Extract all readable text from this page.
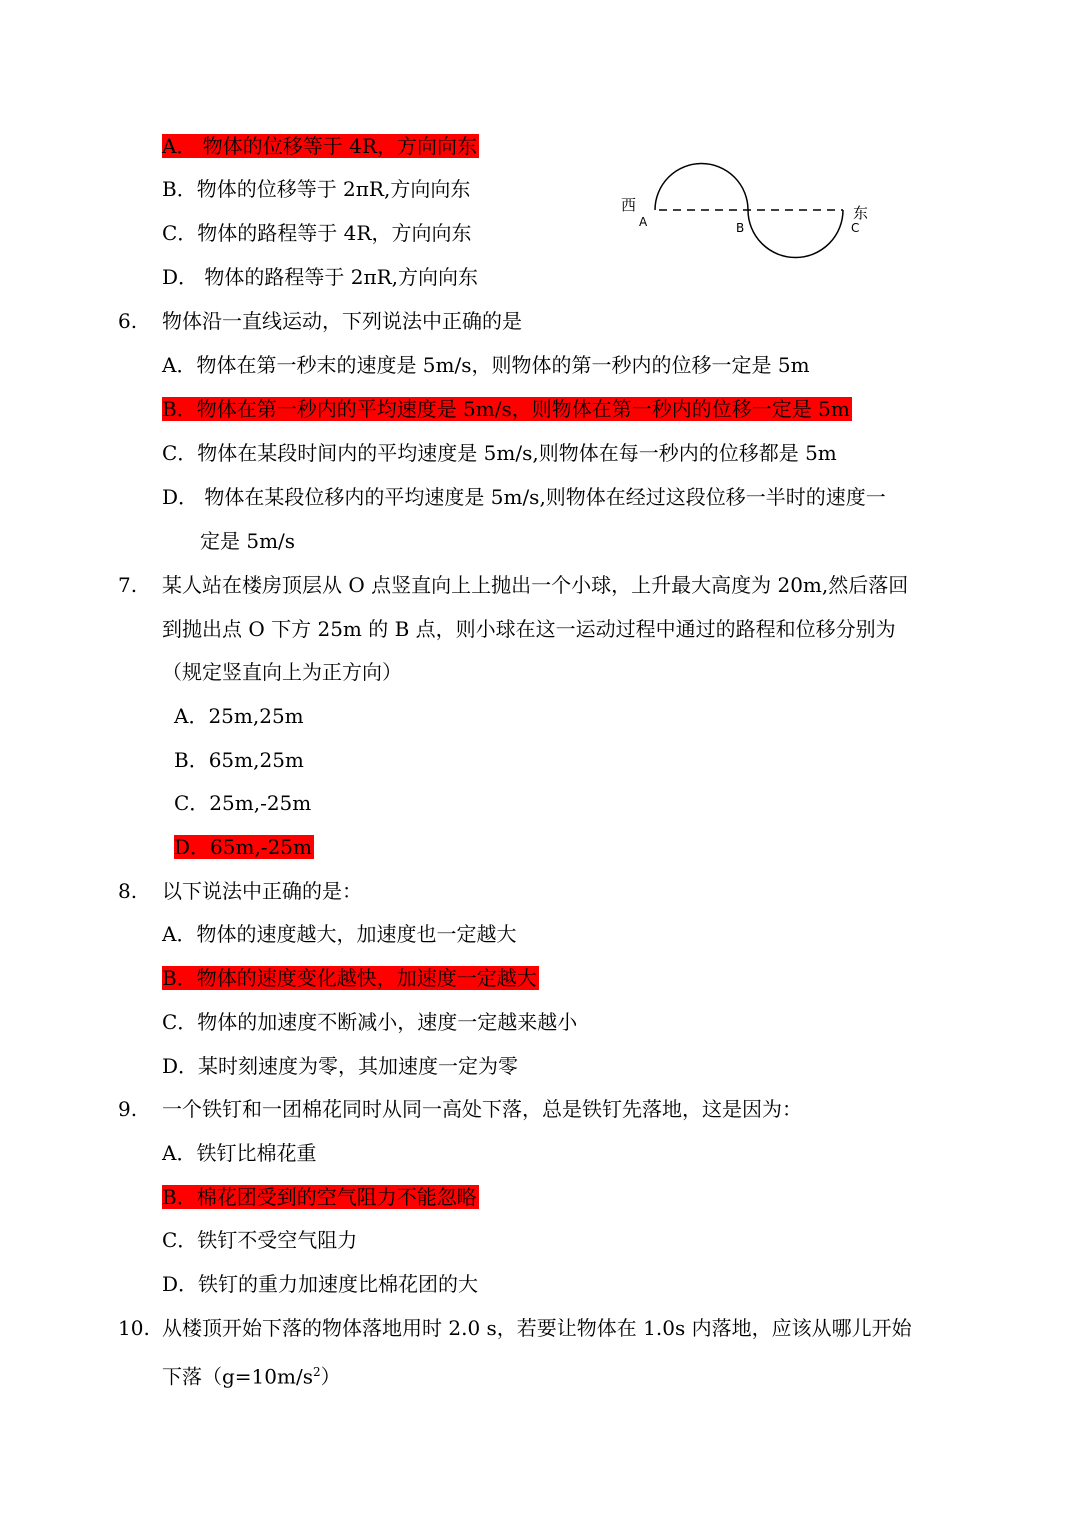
A． 物体的位移等于 4R，方向向东
B．物体的位移等于 2πR,方向向东
C．物体的路程等于 4R，方向向东
D． 物体的路程等于 2πR,方向向东
西
A	B
东
C
6. 物体沿一直线运动，下列说法中正确的是
A．物体在第一秒末的速度是 5m/s，则物体的第一秒内的位移一定是 5m
B．物体在第一秒内的平均速度是 5m/s，则物体在第一秒内的位移一定是 5m
C．物体在某段时间内的平均速度是 5m/s,则物体在每一秒内的位移都是 5m
D． 物体在某段位移内的平均速度是 5m/s,则物体在经过这段位移一半时的速度一
定是 5m/s
7. 某人站在楼房顶层从 O 点竖直向上上抛出一个小球，上升最大高度为 20m,然后落回
到抛出点 O 下方 25m 的 B 点，则小球在这一运动过程中通过的路程和位移分别为
（规定竖直向上为正方向）
A．25m,25m
B．65m,25m
C．25m,-25m
D．65m,-25m
8. 以下说法中正确的是：
A．物体的速度越大，加速度也一定越大
B．物体的速度变化越快，加速度一定越大
C．物体的加速度不断减小，速度一定越来越小
D．某时刻速度为零，其加速度一定为零
9. 一个铁钉和一团棉花同时从同一高处下落，总是铁钉先落地，这是因为：
A．铁钉比棉花重
B．棉花团受到的空气阻力不能忽略
C．铁钉不受空气阻力
D．铁钉的重力加速度比棉花团的大
10. 从楼顶开始下落的物体落地用时 2.0 s，若要让物体在 1.0s 内落地，应该从哪儿开始
下落$(g=10m/s^2)$
